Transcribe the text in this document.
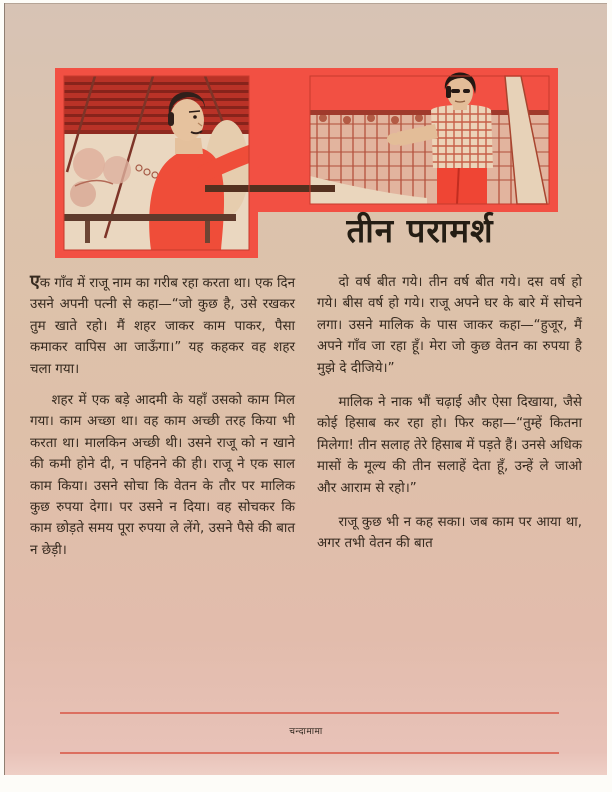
तीन परामर्श

एक गाँव में राजू नाम का गरीब रहा करता था। एक दिन उसने अपनी पत्नी से कहा—“जो कुछ है, उसे रखकर तुम खाते रहो। मैं शहर जाकर काम पाकर, पैसा कमाकर वापिस आ जाऊँगा।” यह कहकर वह शहर चला गया।

शहर में एक बड़े आदमी के यहाँ उसको काम मिल गया। काम अच्छा था। वह काम अच्छी तरह किया भी करता था। मालकिन अच्छी थी। उसने राजू को न खाने की कमी होने दी, न पहिनने की ही। राजू ने एक साल काम किया। उसने सोचा कि वेतन के तौर पर मालिक कुछ रुपया देगा। पर उसने न दिया। वह सोचकर कि काम छोड़ते समय पूरा रुपया ले लेंगे, उसने पैसे की बात न छेड़ी।

दो वर्ष बीत गये। तीन वर्ष बीत गये। दस वर्ष हो गये। बीस वर्ष हो गये। राजू अपने घर के बारे में सोचने लगा। उसने मालिक के पास जाकर कहा—“हुजूर, मैं अपने गाँव जा रहा हूँ। मेरा जो कुछ वेतन का रुपया है मुझे दे दीजिये।”

मालिक ने नाक भौं चढ़ाई और ऐसा दिखाया, जैसे कोई हिसाब कर रहा हो। फिर कहा—“तुम्हें कितना मिलेगा! तीन सलाह तेरे हिसाब में पड़ते हैं। उनसे अधिक मासों के मूल्य की तीन सलाहें देता हूँ, उन्हें ले जाओ और आराम से रहो।”

राजू कुछ भी न कह सका। जब काम पर आया था, अगर तभी वेतन की बात

चन्दामामा
